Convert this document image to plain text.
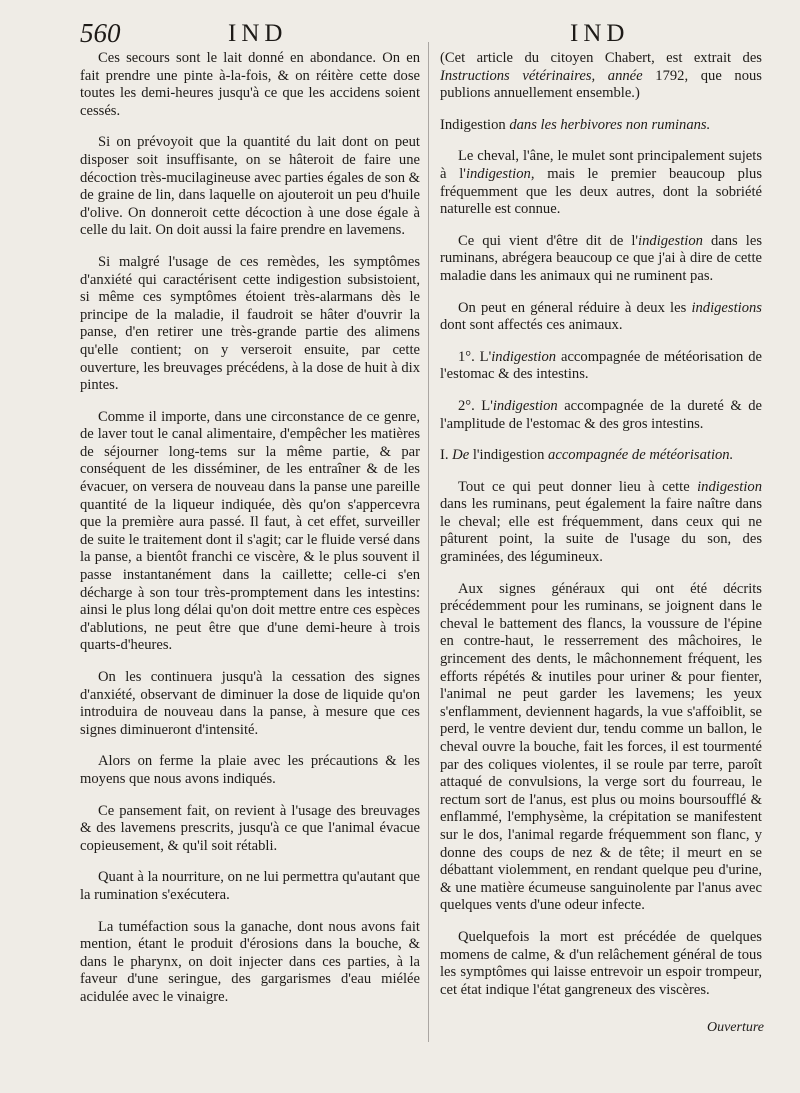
560	IND	IND

Ces secours sont le lait donné en abondance. On en fait prendre une pinte à-la-fois, & on réitère cette dose toutes les demi-heures jusqu'à ce que les accidens soient cessés.

Si on prévoyoit que la quantité du lait dont on peut disposer soit insuffisante, on se hâteroit de faire une décoction très-mucilagineuse avec parties égales de son & de graine de lin, dans laquelle on ajouteroit un peu d'huile d'olive. On donneroit cette décoction à une dose égale à celle du lait. On doit aussi la faire prendre en lavemens.

Si malgré l'usage de ces remèdes, les symptômes d'anxiété qui caractérisent cette indigestion subsistoient, si même ces symptômes étoient très-alarmans dès le principe de la maladie, il faudroit se hâter d'ouvrir la panse, d'en retirer une très-grande partie des alimens qu'elle contient; on y verseroit ensuite, par cette ouverture, les breuvages précédens, à la dose de huit à dix pintes.

Comme il importe, dans une circonstance de ce genre, de laver tout le canal alimentaire, d'empêcher les matières de séjourner long-tems sur la même partie, & par conséquent de les disséminer, de les entraîner & de les évacuer, on versera de nouveau dans la panse une pareille quantité de la liqueur indiquée, dès qu'on s'appercevra que la première aura passé. Il faut, à cet effet, surveiller de suite le traitement dont il s'agit; car le fluide versé dans la panse, a bientôt franchi ce viscère, & le plus souvent il passe instantanément dans la caillette; celle-ci s'en décharge à son tour très-promptement dans les intestins: ainsi le plus long délai qu'on doit mettre entre ces espèces d'ablutions, ne peut être que d'une demi-heure à trois quarts-d'heures.

On les continuera jusqu'à la cessation des signes d'anxiété, observant de diminuer la dose de liquide qu'on introduira de nouveau dans la panse, à mesure que ces signes diminueront d'intensité.

Alors on ferme la plaie avec les précautions & les moyens que nous avons indiqués.

Ce pansement fait, on revient à l'usage des breuvages & des lavemens prescrits, jusqu'à ce que l'animal évacue copieusement, & qu'il soit rétabli.

Quant à la nourriture, on ne lui permettra qu'autant que la rumination s'exécutera.

La tuméfaction sous la ganache, dont nous avons fait mention, étant le produit d'érosions dans la bouche, & dans le pharynx, on doit injecter dans ces parties, à la faveur d'une seringue, des gargarismes d'eau miélée acidulée avec le vinaigre.

(Cet article du citoyen Chabert, est extrait des Instructions vétérinaires, année 1792, que nous publions annuellement ensemble.)

Indigestion dans les herbivores non ruminans.

Le cheval, l'âne, le mulet sont principalement sujets à l'indigestion, mais le premier beaucoup plus fréquemment que les deux autres, dont la sobriété naturelle est connue.

Ce qui vient d'être dit de l'indigestion dans les ruminans, abrégera beaucoup ce que j'ai à dire de cette maladie dans les animaux qui ne ruminent pas.

On peut en géneral réduire à deux les indigestions dont sont affectés ces animaux.

1°. L'indigestion accompagnée de météorisation de l'estomac & des intestins.

2°. L'indigestion accompagnée de la dureté & de l'amplitude de l'estomac & des gros intestins.

I. De l'indigestion accompagnée de météorisation.

Tout ce qui peut donner lieu à cette indigestion dans les ruminans, peut également la faire naître dans le cheval; elle est fréquemment, dans ceux qui ne pâturent point, la suite de l'usage du son, des graminées, des légumineux.

Aux signes généraux qui ont été décrits précédemment pour les ruminans, se joignent dans le cheval le battement des flancs, la voussure de l'épine en contre-haut, le resserrement des mâchoires, le grincement des dents, le mâchonnement fréquent, les efforts répétés & inutiles pour uriner & pour fienter, l'animal ne peut garder les lavemens; les yeux s'enflamment, deviennent hagards, la vue s'affoiblit, se perd, le ventre devient dur, tendu comme un ballon, le cheval ouvre la bouche, fait les forces, il est tourmenté par des coliques violentes, il se roule par terre, paroît attaqué de convulsions, la verge sort du fourreau, le rectum sort de l'anus, est plus ou moins boursoufflé & enflammé, l'emphysème, la crépitation se manifestent sur le dos, l'animal regarde fréquemment son flanc, y donne des coups de nez & de tête; il meurt en se débattant violemment, en rendant quelque peu d'urine, & une matière écumeuse sanguinolente par l'anus avec quelques vents d'une odeur infecte.

Quelquefois la mort est précédée de quelques momens de calme, & d'un relâchement général de tous les symptômes qui laisse entrevoir un espoir trompeur, cet état indique l'état gangreneux des viscères.

Ouverture
